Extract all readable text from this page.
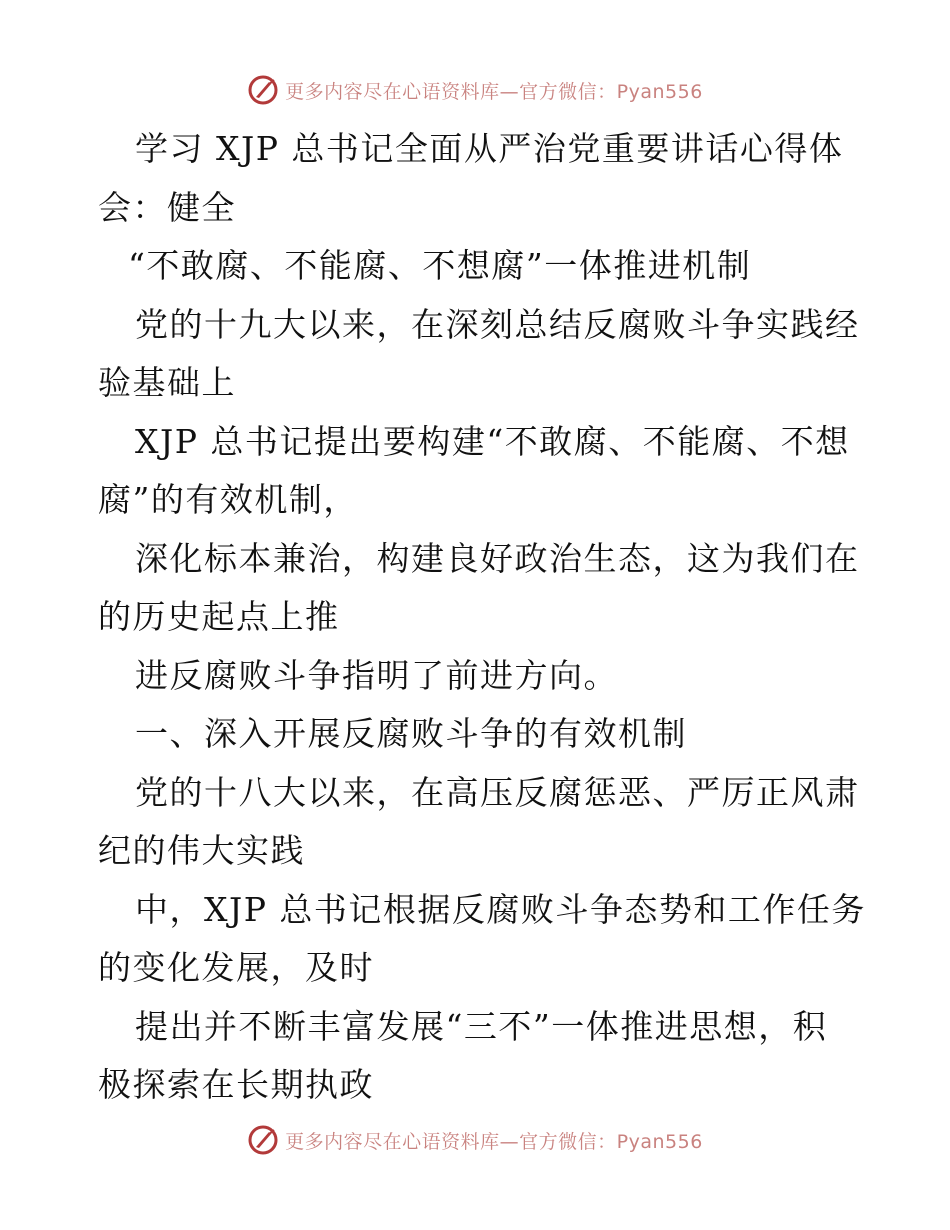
更多内容尽在心语资料库—官方微信：Pyan556
学习 XJP 总书记全面从严治党重要讲话心得体
会：健全
“不敢腐、不能腐、不想腐”一体推进机制
党的十九大以来，在深刻总结反腐败斗争实践经
验基础上
XJP 总书记提出要构建“不敢腐、不能腐、不想
腐”的有效机制，
深化标本兼治，构建良好政治生态，这为我们在
的历史起点上推
进反腐败斗争指明了前进方向。
一、深入开展反腐败斗争的有效机制
党的十八大以来，在高压反腐惩恶、严厉正风肃
纪的伟大实践
中，XJP 总书记根据反腐败斗争态势和工作任务
的变化发展，及时
提出并不断丰富发展“三不”一体推进思想，积
极探索在长期执政
更多内容尽在心语资料库—官方微信：Pyan556
